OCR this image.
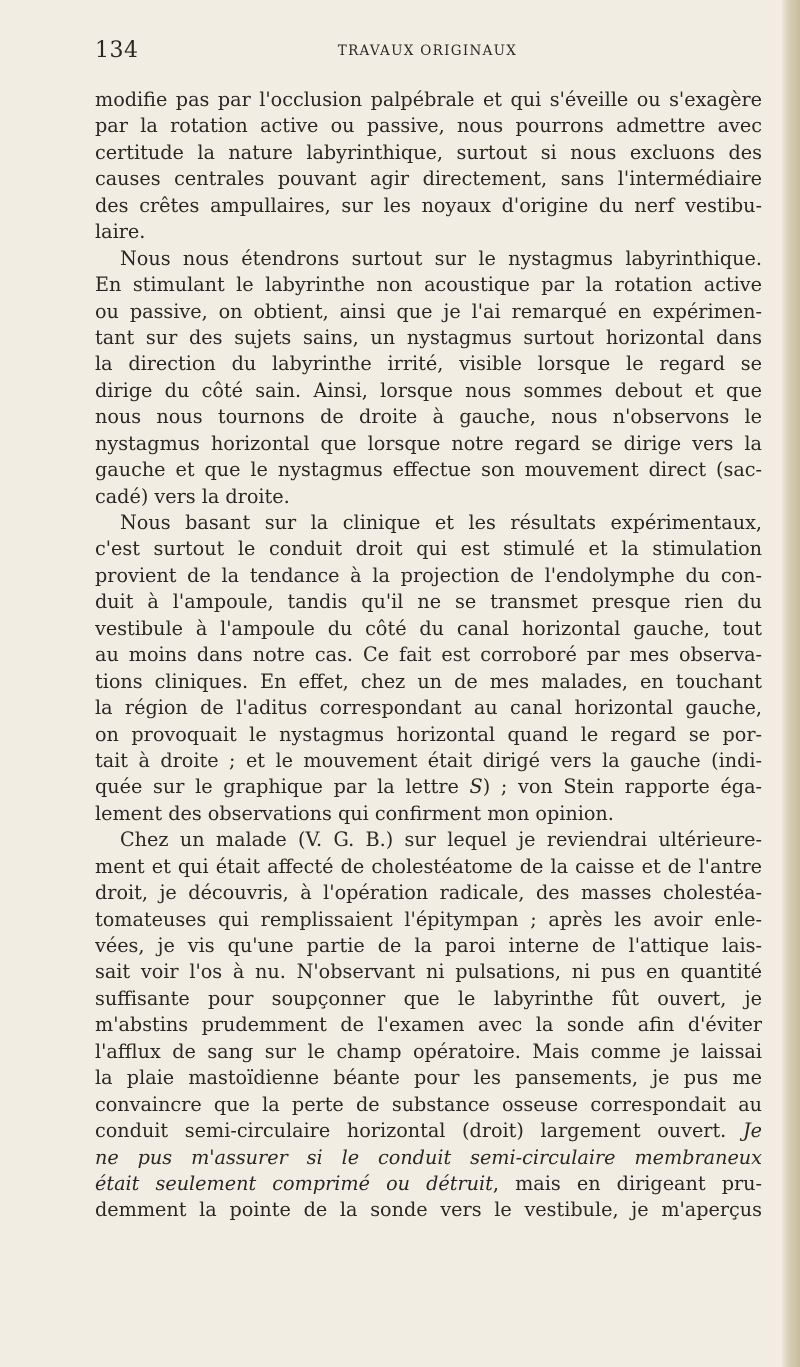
134	TRAVAUX ORIGINAUX
modifie pas par l'occlusion palpébrale et qui s'éveille ou s'exagère
par la rotation active ou passive, nous pourrons admettre avec
certitude la nature labyrinthique, surtout si nous excluons des
causes centrales pouvant agir directement, sans l'intermédiaire
des crêtes ampullaires, sur les noyaux d'origine du nerf vestibu-
laire.
Nous nous étendrons surtout sur le nystagmus labyrinthique.
En stimulant le labyrinthe non acoustique par la rotation active
ou passive, on obtient, ainsi que je l'ai remarqué en expérimen-
tant sur des sujets sains, un nystagmus surtout horizontal dans
la direction du labyrinthe irrité, visible lorsque le regard se
dirige du côté sain. Ainsi, lorsque nous sommes debout et que
nous nous tournons de droite à gauche, nous n'observons le
nystagmus horizontal que lorsque notre regard se dirige vers la
gauche et que le nystagmus effectue son mouvement direct (sac-
cadé) vers la droite.
Nous basant sur la clinique et les résultats expérimentaux,
c'est surtout le conduit droit qui est stimulé et la stimulation
provient de la tendance à la projection de l'endolymphe du con-
duit à l'ampoule, tandis qu'il ne se transmet presque rien du
vestibule à l'ampoule du côté du canal horizontal gauche, tout
au moins dans notre cas. Ce fait est corroboré par mes observa-
tions cliniques. En effet, chez un de mes malades, en touchant
la région de l'aditus correspondant au canal horizontal gauche,
on provoquait le nystagmus horizontal quand le regard se por-
tait à droite ; et le mouvement était dirigé vers la gauche (indi-
quée sur le graphique par la lettre S) ; von Stein rapporte éga-
lement des observations qui confirment mon opinion.
Chez un malade (V. G. B.) sur lequel je reviendrai ultérieure-
ment et qui était affecté de cholestéatome de la caisse et de l'antre
droit, je découvris, à l'opération radicale, des masses cholestéa-
tomateuses qui remplissaient l'épitympan ; après les avoir enle-
vées, je vis qu'une partie de la paroi interne de l'attique lais-
sait voir l'os à nu. N'observant ni pulsations, ni pus en quantité
suffisante pour soupçonner que le labyrinthe fût ouvert, je
m'abstins prudemment de l'examen avec la sonde afin d'éviter
l'afflux de sang sur le champ opératoire. Mais comme je laissai
la plaie mastoïdienne béante pour les pansements, je pus me
convaincre que la perte de substance osseuse correspondait au
conduit semi-circulaire horizontal (droit) largement ouvert. Je
ne pus m'assurer si le conduit semi-circulaire membraneux
était seulement comprimé ou détruit, mais en dirigeant pru-
demment la pointe de la sonde vers le vestibule, je m'aperçus
